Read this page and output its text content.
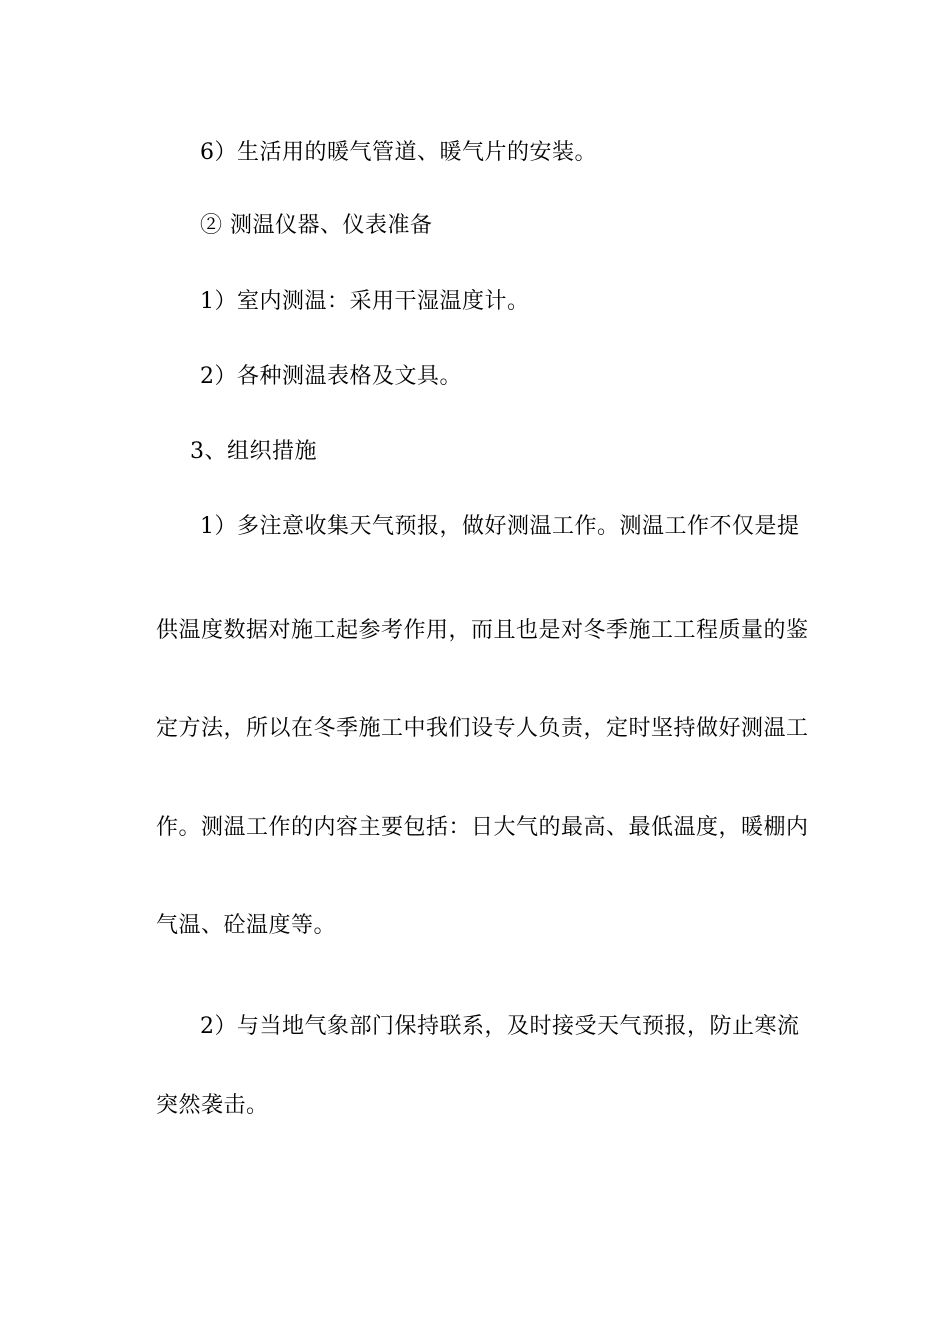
6）生活用的暖气管道、暖气片的安装。
② 测温仪器、仪表准备
1）室内测温：采用干湿温度计。
2）各种测温表格及文具。
3、组织措施
1）多注意收集天气预报，做好测温工作。测温工作不仅是提
供温度数据对施工起参考作用，而且也是对冬季施工工程质量的鉴
定方法，所以在冬季施工中我们设专人负责，定时坚持做好测温工
作。测温工作的内容主要包括：日大气的最高、最低温度，暖棚内
气温、砼温度等。
2）与当地气象部门保持联系，及时接受天气预报，防止寒流
突然袭击。
